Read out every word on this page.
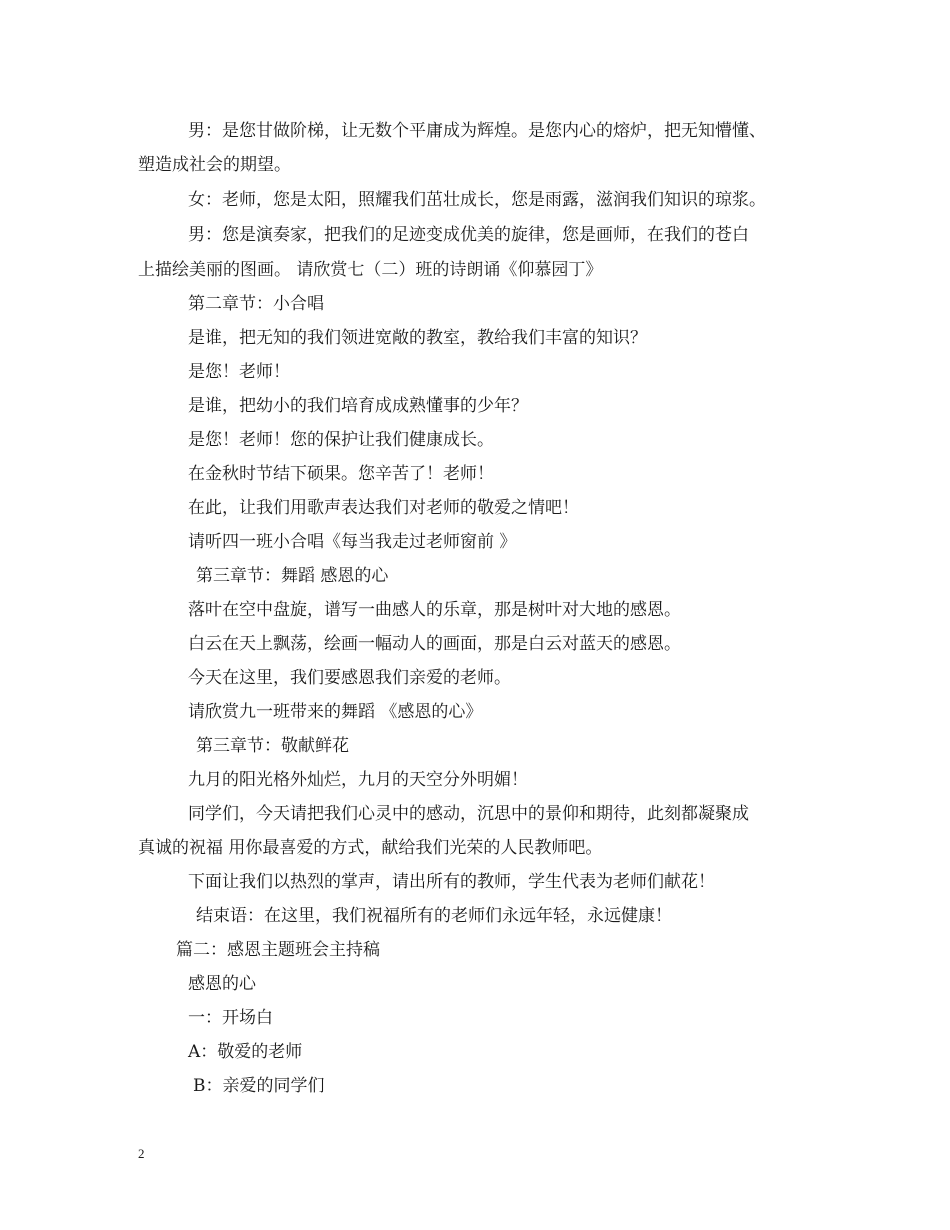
男：是您甘做阶梯，让无数个平庸成为辉煌。是您内心的熔炉，把无知懵懂、
塑造成社会的期望。
女：老师，您是太阳，照耀我们茁壮成长，您是雨露，滋润我们知识的琼浆。
男：您是演奏家，把我们的足迹变成优美的旋律，您是画师，在我们的苍白
上描绘美丽的图画。 请欣赏七（二）班的诗朗诵《仰慕园丁》
第二章节：小合唱
是谁，把无知的我们领进宽敞的教室，教给我们丰富的知识？
是您！老师！
是谁，把幼小的我们培育成成熟懂事的少年？
是您！老师！您的保护让我们健康成长。
在金秋时节结下硕果。您辛苦了！老师！
在此，让我们用歌声表达我们对老师的敬爱之情吧！
请听四一班小合唱《每当我走过老师窗前 》
第三章节：舞蹈 感恩的心
落叶在空中盘旋，谱写一曲感人的乐章，那是树叶对大地的感恩。
白云在天上飘荡，绘画一幅动人的画面，那是白云对蓝天的感恩。
今天在这里，我们要感恩我们亲爱的老师。
请欣赏九一班带来的舞蹈 《感恩的心》
第三章节：敬献鲜花
九月的阳光格外灿烂，九月的天空分外明媚！
同学们，今天请把我们心灵中的感动，沉思中的景仰和期待，此刻都凝聚成
真诚的祝福 用你最喜爱的方式，献给我们光荣的人民教师吧。
下面让我们以热烈的掌声，请出所有的教师，学生代表为老师们献花！
结束语：在这里，我们祝福所有的老师们永远年轻，永远健康！
篇二：感恩主题班会主持稿
感恩的心
一：开场白
A：敬爱的老师
B：亲爱的同学们
2
